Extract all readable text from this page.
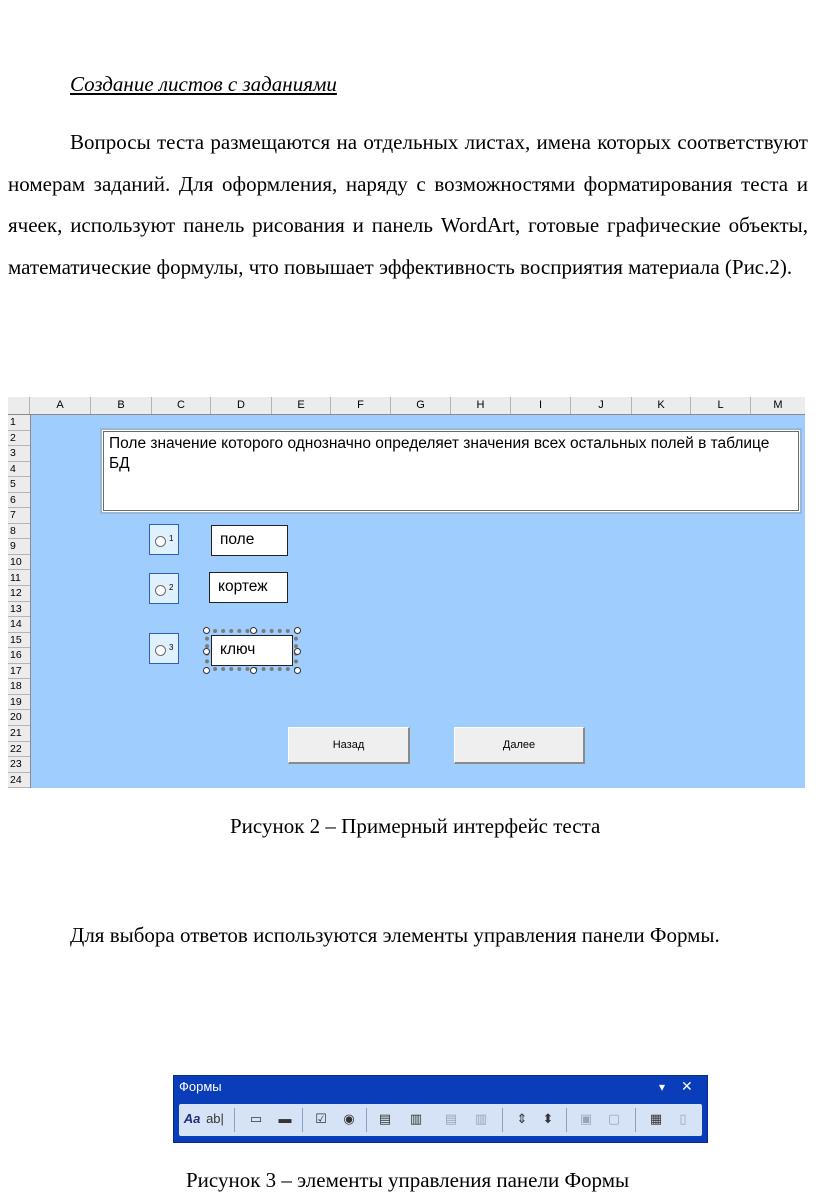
Создание листов с заданиями
Вопросы теста размещаются на отдельных листах, имена которых соответствуют номерам заданий. Для оформления, наряду с возможностями форматирования теста и ячеек, используют панель рисования и панель WordArt, готовые графические объекты, математические формулы, что повышает эффективность восприятия материала (Рис.2).
A	B	C	D	E	F	G	H	I	J	K	L	M
1
2
3
4
5
6
7
8
9
10
11
12
13
14
15
16
17
18
19
20
21
22
23
24
Поле значение которого однозначно определяет значения всех остальных полей в таблице БД
1	поле
2	кортеж
3	ключ
Назад	Далее
Рисунок 2 – Примерный интерфейс теста
Для выбора ответов используются элементы управления панели Формы.
Формы	▾ ✕
Aa ab| ▭ ▬	☑	◉	▤ ▥ ▤ ▥	⇕	⬍	▣ ▢ ▦	▯
Рисунок 3 – элементы управления панели Формы
